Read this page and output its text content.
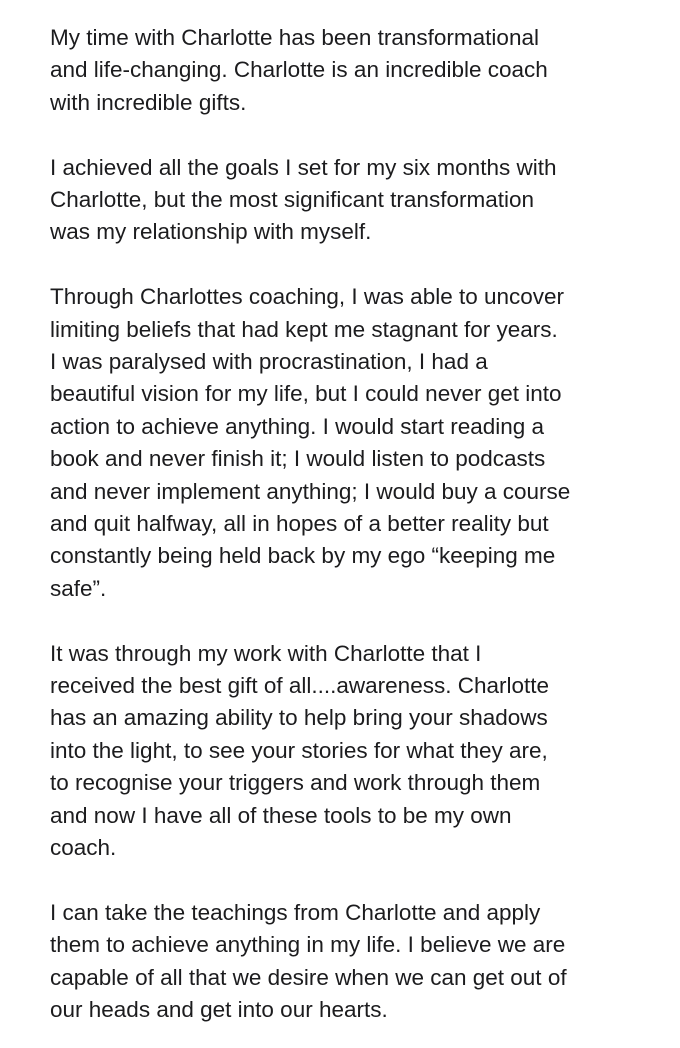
My time with Charlotte has been transformational
and life-changing. Charlotte is an incredible coach
with incredible gifts.

I achieved all the goals I set for my six months with
Charlotte, but the most significant transformation
was my relationship with myself.

Through Charlottes coaching, I was able to uncover
limiting beliefs that had kept me stagnant for years.
I was paralysed with procrastination, I had a
beautiful vision for my life, but I could never get into
action to achieve anything. I would start reading a
book and never finish it; I would listen to podcasts
and never implement anything; I would buy a course
and quit halfway, all in hopes of a better reality but
constantly being held back by my ego “keeping me
safe”.

It was through my work with Charlotte that I
received the best gift of all....awareness. Charlotte
has an amazing ability to help bring your shadows
into the light, to see your stories for what they are,
to recognise your triggers and work through them
and now I have all of these tools to be my own
coach.

I can take the teachings from Charlotte and apply
them to achieve anything in my life. I believe we are
capable of all that we desire when we can get out of
our heads and get into our hearts.
